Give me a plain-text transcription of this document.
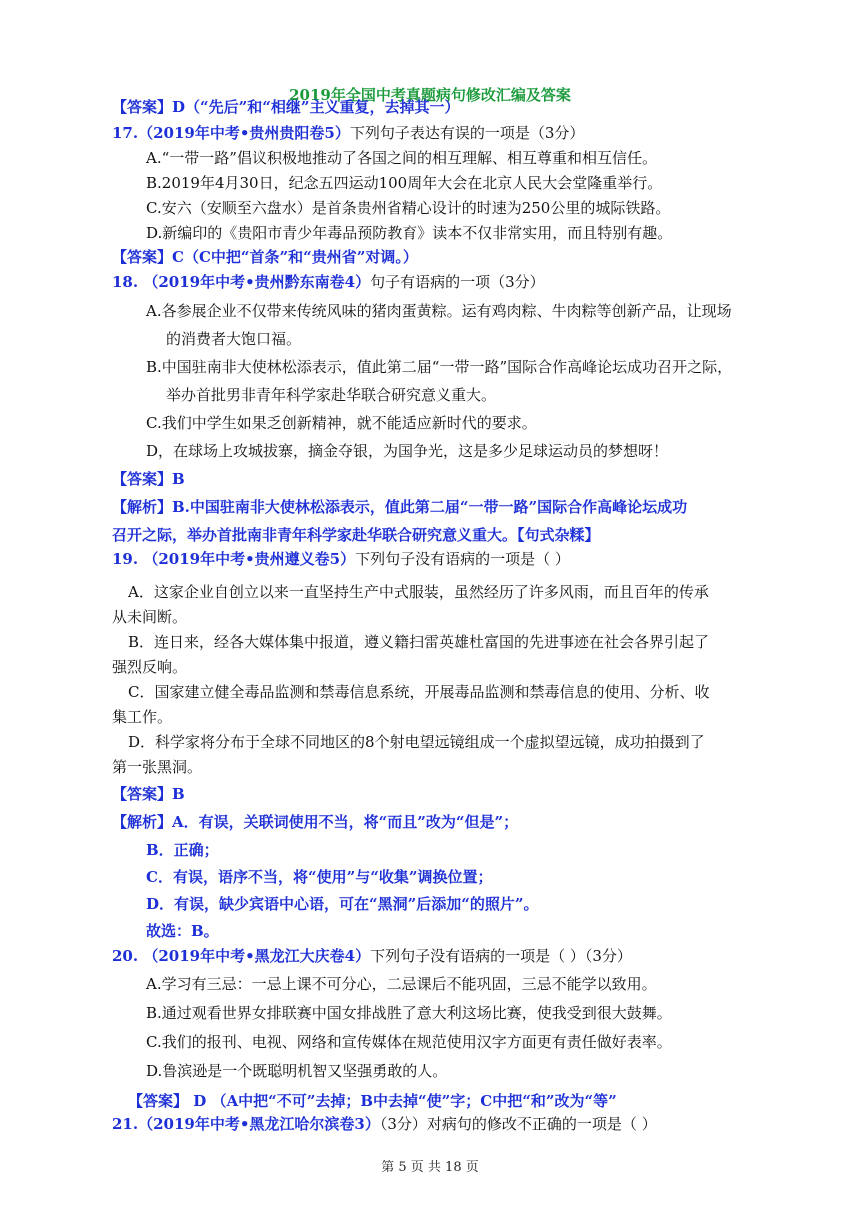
2019年全国中考真题病句修改汇编及答案
【答案】D（“先后”和“相继”主义重复，去掉其一）
17.（2019年中考•贵州贵阳卷5）下列句子表达有误的一项是（3分）
A.“一带一路”倡议积极地推动了各国之间的相互理解、相互尊重和相互信任。
B.2019年4月30日，纪念五四运动100周年大会在北京人民大会堂隆重举行。
C.安六（安顺至六盘水）是首条贵州省精心设计的时速为250公里的城际铁路。
D.新编印的《贵阳市青少年毒品预防教育》读本不仅非常实用，而且特别有趣。
【答案】C（C中把“首条”和“贵州省”对调。）
18. （2019年中考•贵州黔东南卷4）句子有语病的一项（3分）
A.各参展企业不仅带来传统风味的猪肉蛋黄粽。运有鸡肉粽、牛肉粽等创新产品，让现场
的消费者大饱口福。
B.中国驻南非大使林松添表示，值此第二届“一带一路”国际合作高峰论坛成功召开之际，
举办首批男非青年科学家赴华联合研究意义重大。
C.我们中学生如果乏创新精神，就不能适应新时代的要求。
D，在球场上攻城拔寨，摘金夺银，为国争光，这是多少足球运动员的梦想呀！
【答案】B
【解析】B.中国驻南非大使林松添表示，值此第二届“一带一路”国际合作高峰论坛成功
召开之际，举办首批南非青年科学家赴华联合研究意义重大。【句式杂糅】
19. （2019年中考•贵州遵义卷5）下列句子没有语病的一项是（ ）
A．这家企业自创立以来一直坚持生产中式服装，虽然经历了许多风雨，而且百年的传承
从未间断。
B．连日来，经各大媒体集中报道，遵义籍扫雷英雄杜富国的先进事迹在社会各界引起了
强烈反响。
C．国家建立健全毒品监测和禁毒信息系统，开展毒品监测和禁毒信息的使用、分析、收
集工作。
D．科学家将分布于全球不同地区的8个射电望远镜组成一个虚拟望远镜，成功拍摄到了
第一张黑洞。
【答案】B
【解析】A．有误，关联词使用不当，将“而且”改为“但是”；
B．正确；
C．有误，语序不当，将“使用”与“收集”调换位置；
D．有误，缺少宾语中心语，可在“黑洞”后添加“的照片”。
故选：B。
20. （2019年中考•黑龙江大庆卷4）下列句子没有语病的一项是（ ）（3分）
A.学习有三忌：一忌上课不可分心，二忌课后不能巩固，三忌不能学以致用。
B.通过观看世界女排联赛中国女排战胜了意大利这场比赛，使我受到很大鼓舞。
C.我们的报刊、电视、网络和宣传媒体在规范使用汉字方面更有责任做好表率。
D.鲁滨逊是一个既聪明机智又坚强勇敢的人。
【答案】 D （A中把“不可”去掉；B中去掉“使”字；C中把“和”改为“等”
21.（2019年中考•黑龙江哈尔滨卷3）（3分）对病句的修改不正确的一项是（ ）
第 5 页 共 18 页
